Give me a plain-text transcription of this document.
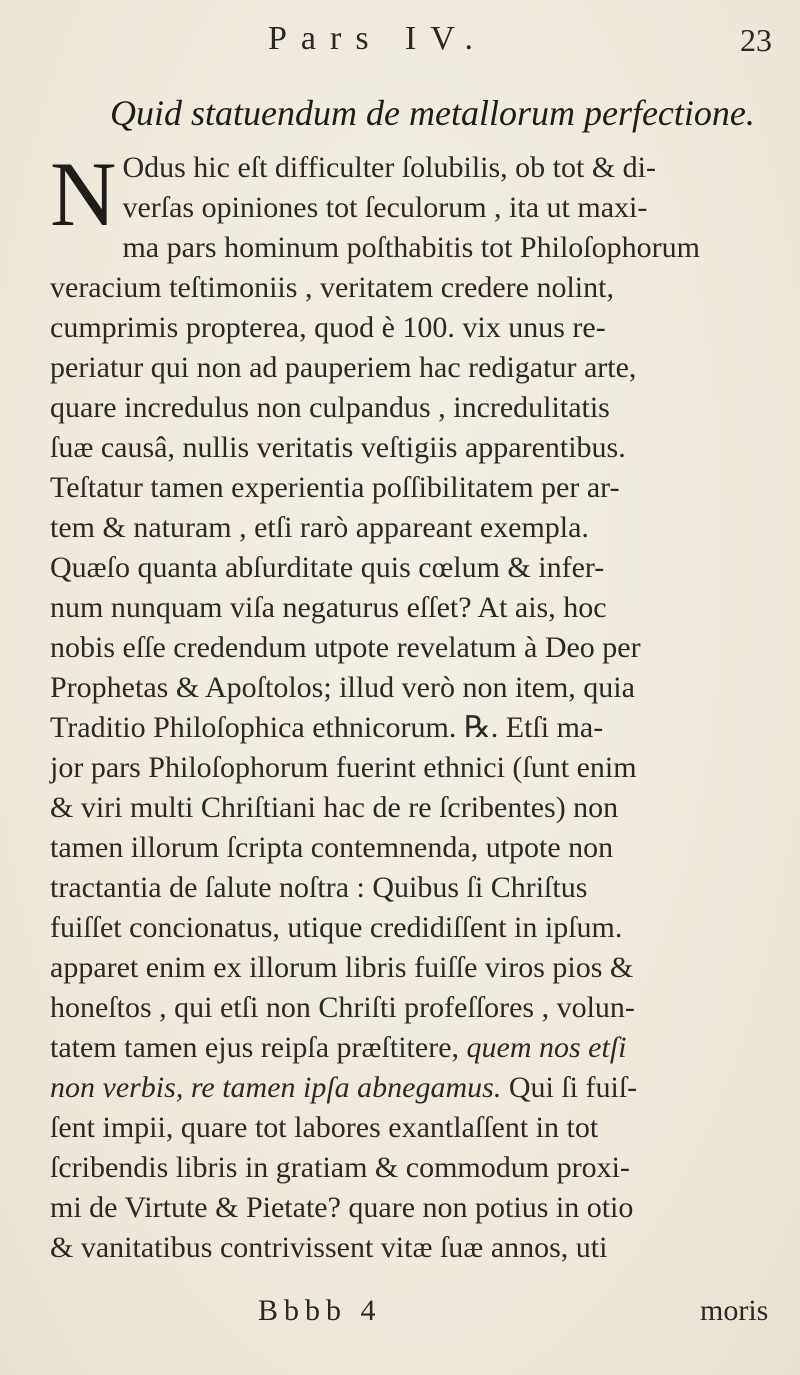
Pars IV.	23
Quid statuendum de metallorum perfectione.
N Odus hic eſt difficulter ſolubilis, ob tot & di-
verſas opiniones tot ſeculorum , ita ut maxi-
ma pars hominum poſthabitis tot Philoſophorum
veracium teſtimoniis , veritatem credere nolint,
cumprimis propterea, quod è 100. vix unus re-
periatur qui non ad pauperiem hac redigatur arte,
quare incredulus non culpandus , incredulitatis
ſuæ causâ, nullis veritatis veſtigiis apparentibus.
Teſtatur tamen experientia poſſibilitatem per ar-
tem & naturam , etſi rarò appareant exempla.
Quæſo quanta abſurditate quis cœlum & infer-
num nunquam viſa negaturus eſſet? At ais, hoc
nobis eſſe credendum utpote revelatum à Deo per
Prophetas & Apoſtolos; illud verò non item, quia
Traditio Philoſophica ethnicorum. ℞. Etſi ma-
jor pars Philoſophorum fuerint ethnici (ſunt enim
& viri multi Chriſtiani hac de re ſcribentes) non
tamen illorum ſcripta contemnenda, utpote non
tractantia de ſalute noſtra : Quibus ſi Chriſtus
fuiſſet concionatus, utique credidiſſent in ipſum.
apparet enim ex illorum libris fuiſſe viros pios &
honeſtos , qui etſi non Chriſti profeſſores , volun-
tatem tamen ejus reipſa præſtitere, quem nos etſi
non verbis, re tamen ipſa abnegamus. Qui ſi fuiſ-
ſent impii, quare tot labores exantlaſſent in tot
ſcribendis libris in gratiam & commodum proxi-
mi de Virtute & Pietate? quare non potius in otio
& vanitatibus contrivissent vitæ ſuæ annos, uti
Bbbb 4	moris
